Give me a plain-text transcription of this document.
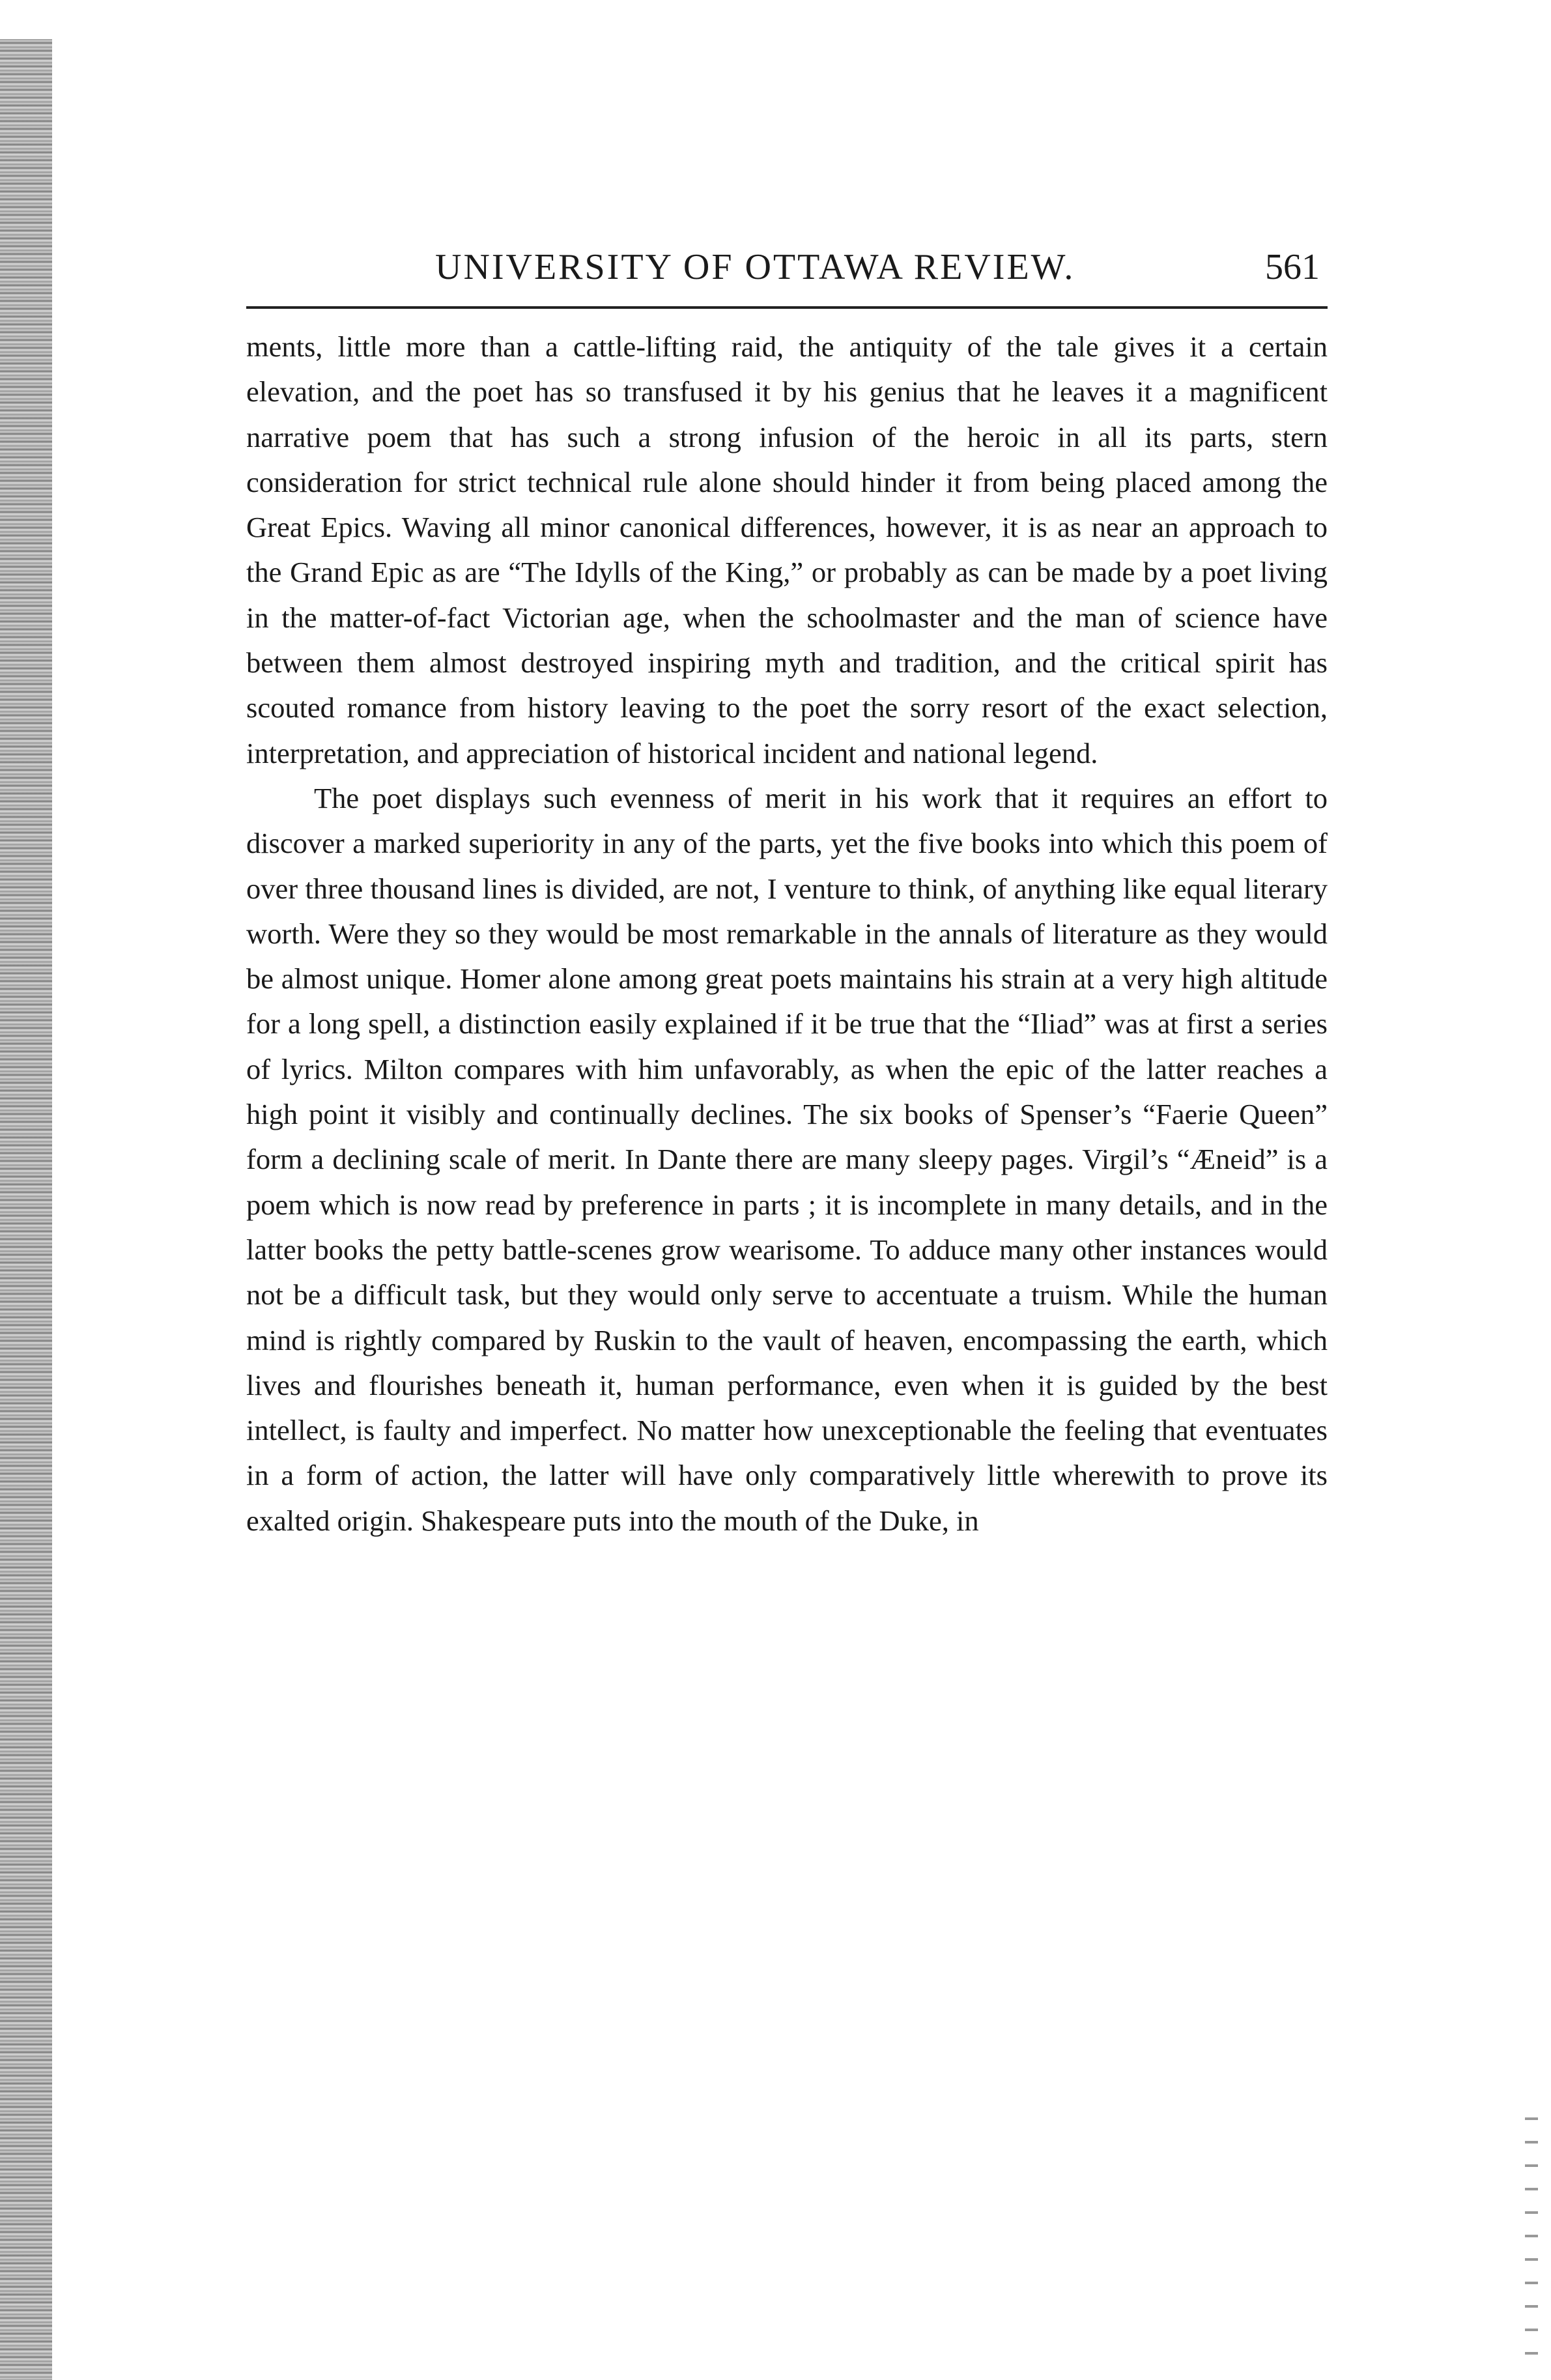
UNIVERSITY OF OTTAWA REVIEW.	561

ments, little more than a cattle-lifting raid, the antiquity of the tale gives it a certain elevation, and the poet has so transfused it by his genius that he leaves it a magnificent narrative poem that has such a strong infusion of the heroic in all its parts, stern consideration for strict technical rule alone should hinder it from being placed among the Great Epics. Waving all minor canonical differences, however, it is as near an approach to the Grand Epic as are “The Idylls of the King,” or probably as can be made by a poet living in the matter-of-fact Victorian age, when the schoolmaster and the man of science have between them almost destroyed inspiring myth and tradition, and the critical spirit has scouted romance from history leaving to the poet the sorry resort of the exact selection, interpretation, and appreciation of historical incident and national legend.

The poet displays such evenness of merit in his work that it requires an effort to discover a marked superiority in any of the parts, yet the five books into which this poem of over three thousand lines is divided, are not, I venture to think, of anything like equal literary worth. Were they so they would be most remarkable in the annals of literature as they would be almost unique. Homer alone among great poets maintains his strain at a very high altitude for a long spell, a distinction easily explained if it be true that the “Iliad” was at first a series of lyrics. Milton compares with him unfavorably, as when the epic of the latter reaches a high point it visibly and continually declines. The six books of Spenser’s “Faerie Queen” form a declining scale of merit. In Dante there are many sleepy pages. Virgil’s “Æneid” is a poem which is now read by preference in parts ; it is incomplete in many details, and in the latter books the petty battle-scenes grow wearisome. To adduce many other instances would not be a difficult task, but they would only serve to accentuate a truism. While the human mind is rightly compared by Ruskin to the vault of heaven, encompassing the earth, which lives and flourishes beneath it, human performance, even when it is guided by the best intellect, is faulty and imperfect. No matter how unexceptionable the feeling that eventuates in a form of action, the latter will have only comparatively little wherewith to prove its exalted origin. Shakespeare puts into the mouth of the Duke, in
